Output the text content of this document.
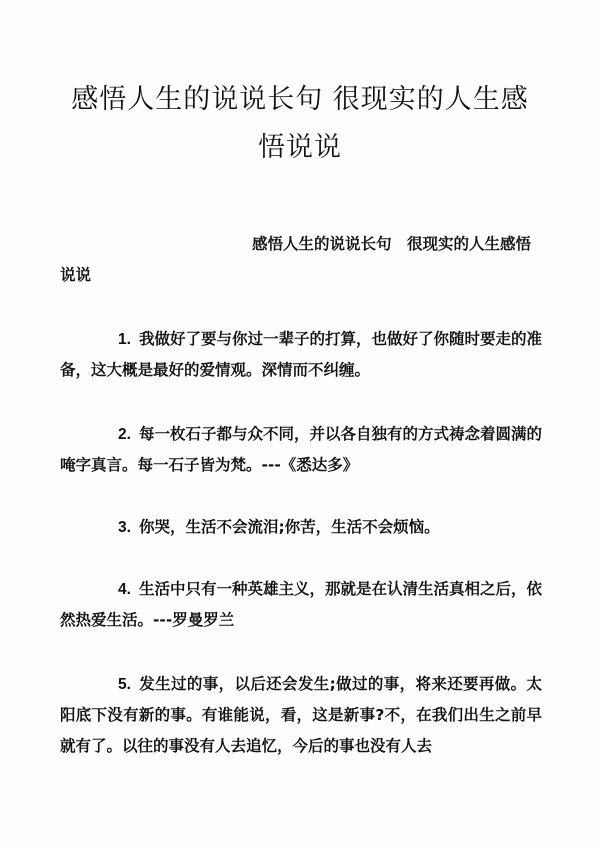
感悟人生的说说长句 很现实的人生感悟说说
感悟人生的说说长句　很现实的人生感悟说说
1. 我做好了要与你过一辈子的打算，也做好了你随时要走的准备，这大概是最好的爱情观。深情而不纠缠。
2. 每一枚石子都与众不同，并以各自独有的方式祷念着圆满的唵字真言。每一石子皆为梵。---《悉达多》
3. 你哭，生活不会流泪;你苦，生活不会烦恼。
4. 生活中只有一种英雄主义，那就是在认清生活真相之后，依然热爱生活。---罗曼罗兰
5. 发生过的事，以后还会发生;做过的事，将来还要再做。太阳底下没有新的事。有谁能说，看，这是新事?不，在我们出生之前早就有了。以往的事没有人去追忆，今后的事也没有人去
